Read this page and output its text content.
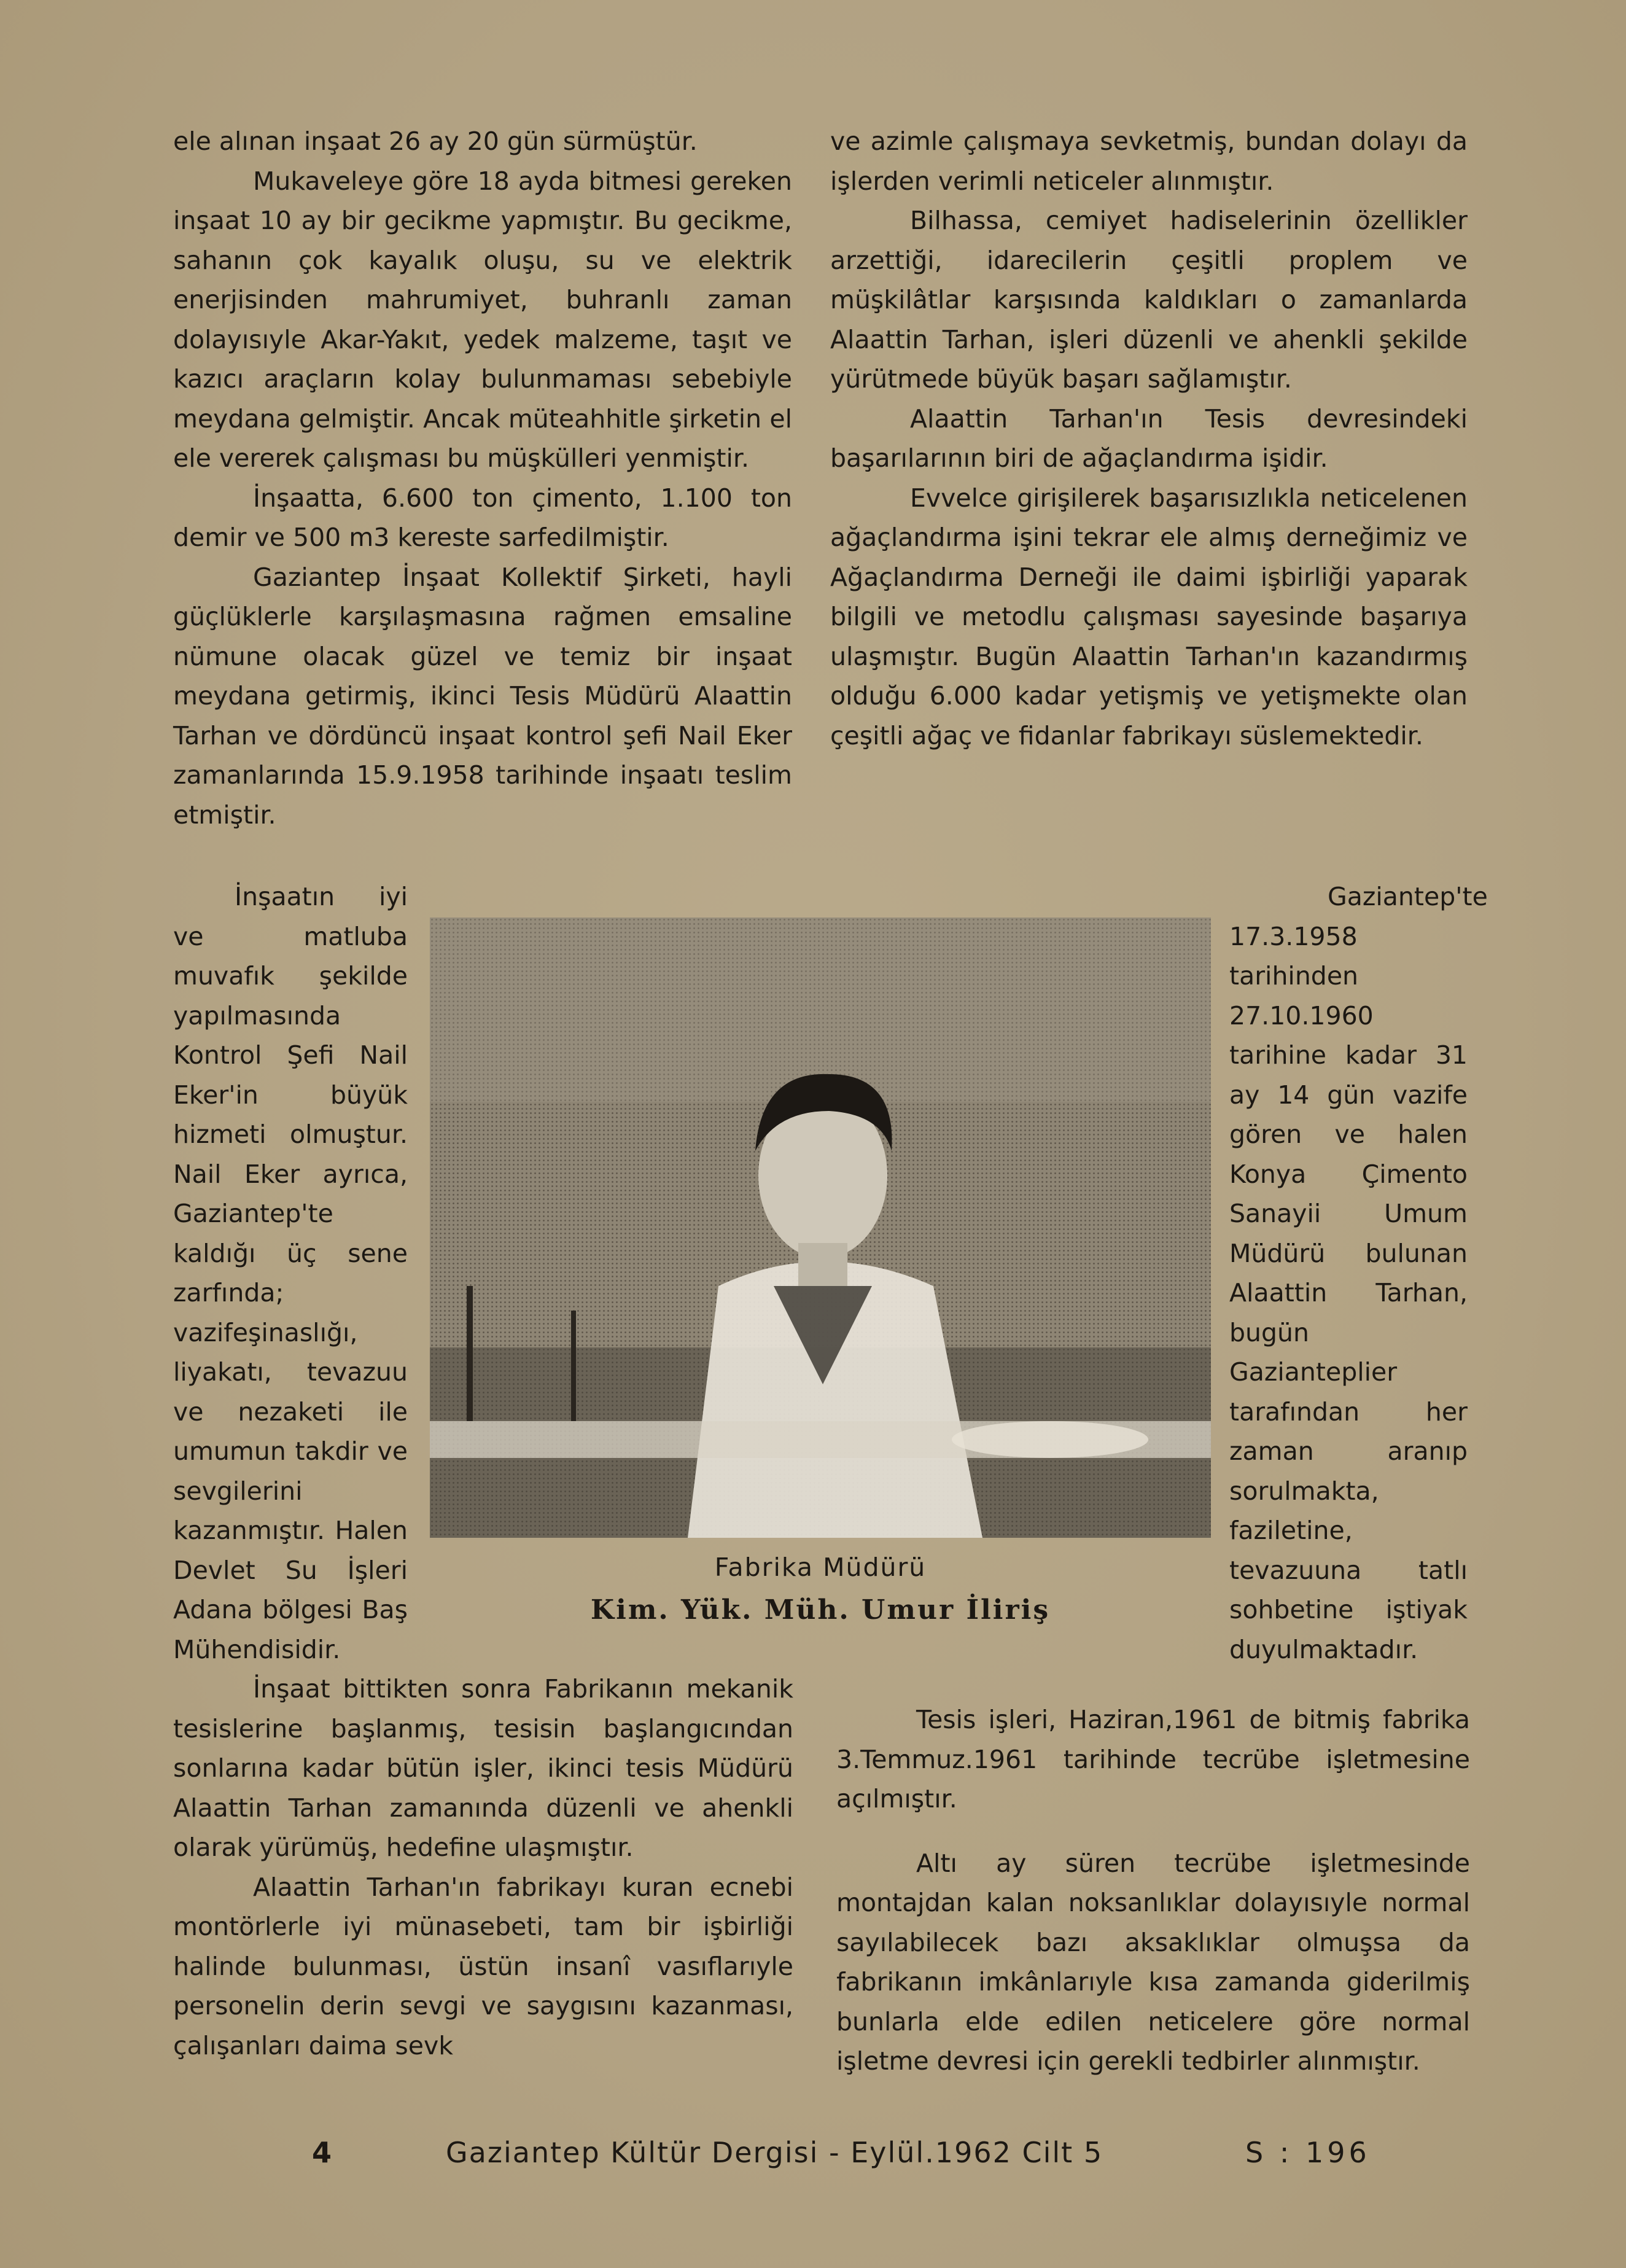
ele alınan inşaat 26 ay 20 gün sürmüştür.

Mukaveleye göre 18 ayda bitmesi gereken inşaat 10 ay bir gecikme yapmıştır. Bu gecikme, sahanın çok kayalık oluşu, su ve elektrik enerjisinden mahrumiyet, buhranlı zaman dolayısıyle Akar-Yakıt, yedek malzeme, taşıt ve kazıcı araçların kolay bulunmaması sebebiyle meydana gelmiştir. Ancak müteahhitle şirketin el ele vererek çalışması bu müşkülleri yenmiştir.

İnşaatta, 6.600 ton çimento, 1.100 ton demir ve 500 m3 kereste sarfedilmiştir.

Gaziantep İnşaat Kollektif Şirketi, hayli güçlüklerle karşılaşmasına rağmen emsaline nümune olacak güzel ve temiz bir inşaat meydana getirmiş, ikinci Tesis Müdürü Alaattin Tarhan ve dördüncü inşaat kontrol şefi Nail Eker zamanlarında 15.9.1958 tarihinde inşaatı teslim etmiştir.

ve azimle çalışmaya sevketmiş, bundan dolayı da işlerden verimli neticeler alınmıştır.

Bilhassa, cemiyet hadiselerinin özellikler arzettiği, idarecilerin çeşitli proplem ve müşkilâtlar karşısında kaldıkları o zamanlarda Alaattin Tarhan, işleri düzenli ve ahenkli şekilde yürütmede büyük başarı sağlamıştır.

Alaattin Tarhan'ın Tesis devresindeki başarılarının biri de ağaçlandırma işidir.

Evvelce girişilerek başarısızlıkla neticelenen ağaçlandırma işini tekrar ele almış derneğimiz ve Ağaçlandırma Derneği ile daimi işbirliği yaparak bilgili ve metodlu çalışması sayesinde başarıya ulaşmıştır. Bugün Alaattin Tarhan'ın kazandırmış olduğu 6.000 kadar yetişmiş ve yetişmekte olan çeşitli ağaç ve fidanlar fabrikayı süslemektedir.

İnşaatın iyi ve matluba muvafık şekilde yapılmasında Kontrol Şefi Nail Eker'in büyük hizmeti olmuştur. Nail Eker ayrıca, Gaziantep'te kaldığı üç sene zarfında; vazifeşinaslığı, liyakatı, tevazuu ve nezaketi ile umumun takdir ve sevgilerini kazanmıştır. Halen Devlet Su İşleri Adana bölgesi Baş Mühendisidir.

Gaziantep'te 17.3.1958 tarihinden 27.10.1960 tarihine kadar 31 ay 14 gün vazife gören ve halen Konya Çimento Sanayii Umum Müdürü bulunan Alaattin Tarhan, bugün Gazianteplier tarafından her zaman aranıp sorulmakta, faziletine, tevazuuna tatlı sohbetine iştiyak duyulmaktadır.

Fabrika Müdürü
Kim. Yük. Müh. Umur İliriş

İnşaat bittikten sonra Fabrikanın mekanik tesislerine başlanmış, tesisin başlangıcından sonlarına kadar bütün işler, ikinci tesis Müdürü Alaattin Tarhan zamanında düzenli ve ahenkli olarak yürümüş, hedefine ulaşmıştır.

Alaattin Tarhan'ın fabrikayı kuran ecnebi montörlerle iyi münasebeti, tam bir işbirliği halinde bulunması, üstün insanî vasıflarıyle personelin derin sevgi ve saygısını kazanması, çalışanları daima sevk

Tesis işleri, Haziran,1961 de bitmiş fabrika 3.Temmuz.1961 tarihinde tecrübe işletmesine açılmıştır.

Altı ay süren tecrübe işletmesinde montajdan kalan noksanlıklar dolayısıyle normal sayılabilecek bazı aksaklıklar olmuşsa da fabrikanın imkânlarıyle kısa zamanda giderilmiş bunlarla elde edilen neticelere göre normal işletme devresi için gerekli tedbirler alınmıştır.

4	Gaziantep Kültür Dergisi - Eylül.1962 Cilt 5	S : 196
